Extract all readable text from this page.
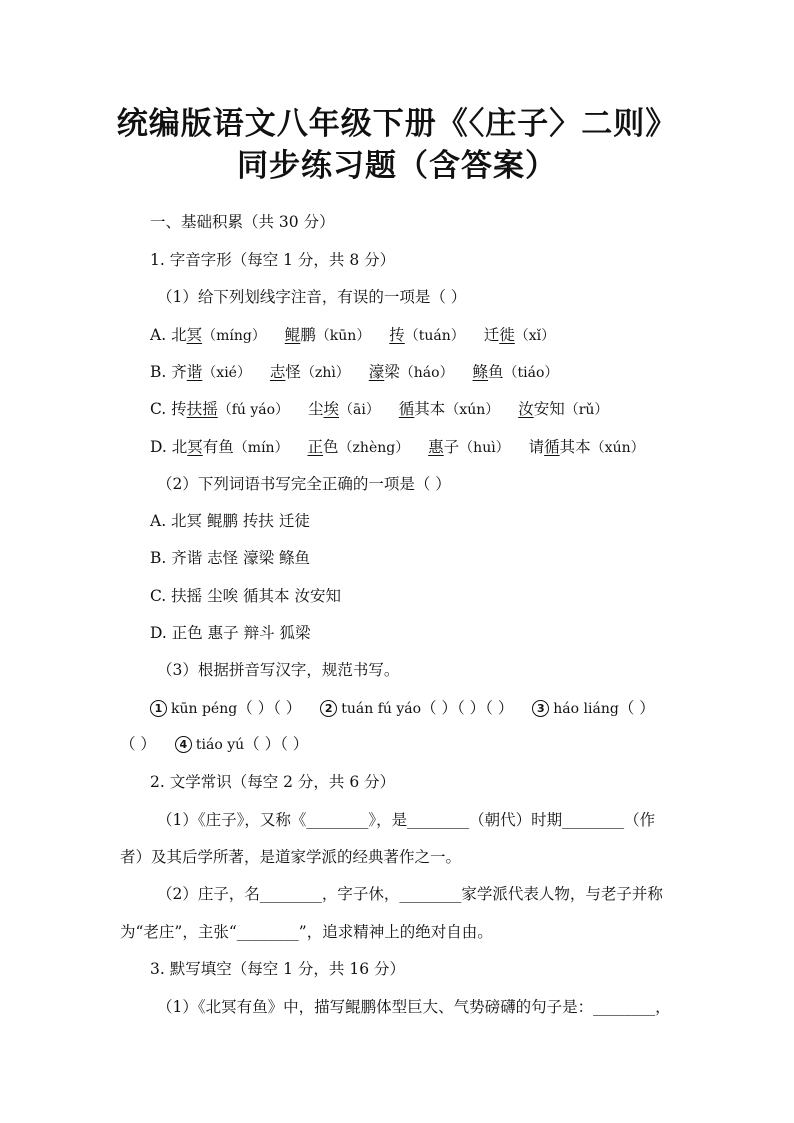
统编版语文八年级下册《〈庄子〉二则》
同步练习题（含答案）
一、基础积累（共 30 分）
1. 字音字形（每空 1 分，共 8 分）
（1）给下列划线字注音，有误的一项是（ ）
A. 北冥（míng） 鲲鹏（kūn） 抟（tuán） 迁徙（xǐ）
B. 齐谐（xié） 志怪（zhì） 濠梁（háo） 鲦鱼（tiáo）
C. 抟扶摇（fú yáo） 尘埃（āi） 循其本（xún） 汝安知（rǔ）
D. 北冥有鱼（mín） 正色（zhèng） 惠子（huì） 请循其本（xún）
（2）下列词语书写完全正确的一项是（ ）
A. 北冥 鲲鹏 抟扶 迁徒
B. 齐谐 志怪 濠梁 鲦鱼
C. 扶摇 尘唉 循其本 汝安知
D. 正色 惠子 辩斗 狐梁
（3）根据拼音写汉字，规范书写。
1 kūn péng（ ）（ ） 2 tuán fú yáo（ ）（ ）（ ） 3 háo liáng（ ）
（ ） 4 tiáo yú（ ）（ ）
2. 文学常识（每空 2 分，共 6 分）
（1）《庄子》，又称《________》，是________（朝代）时期________（作
者）及其后学所著，是道家学派的经典著作之一。
（2）庄子，名________，字子休，________家学派代表人物，与老子并称
为“老庄”，主张“________”，追求精神上的绝对自由。
3. 默写填空（每空 1 分，共 16 分）
（1）《北冥有鱼》中，描写鲲鹏体型巨大、气势磅礴的句子是：________，
